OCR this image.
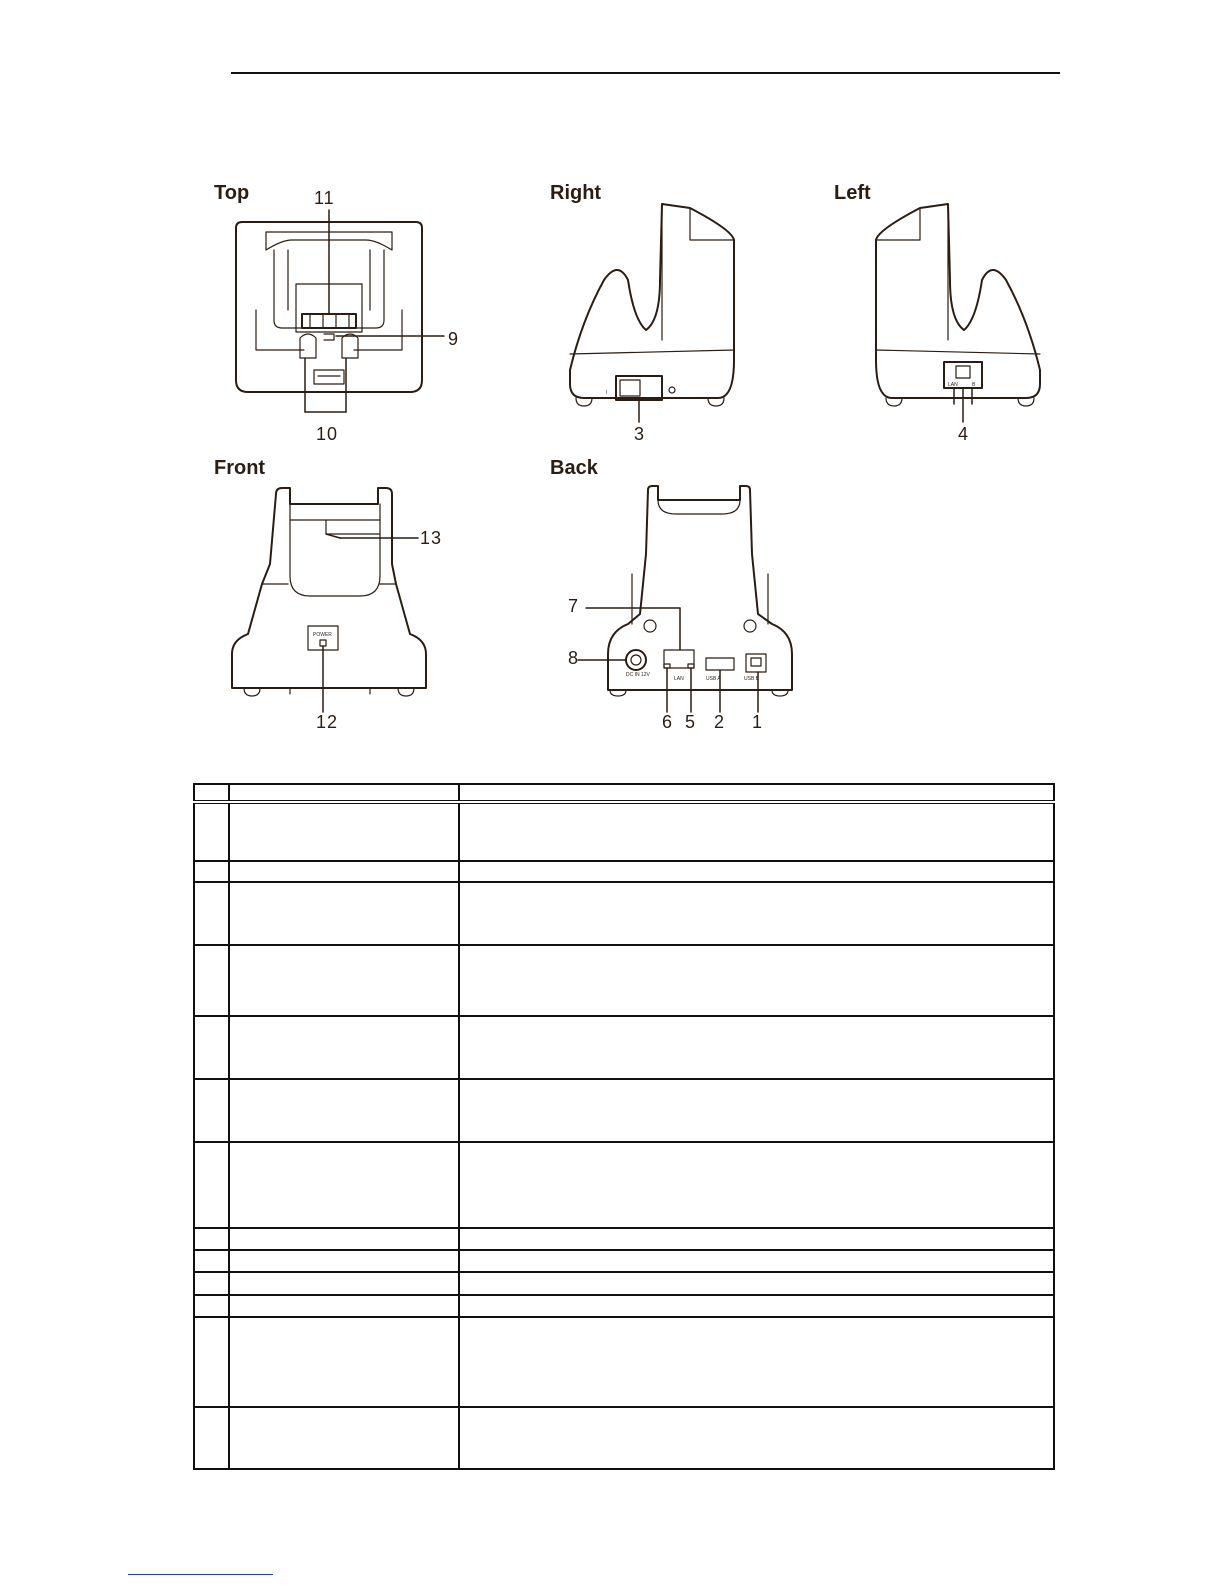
Top	11
9
10
Right
3
I
Left
4
LAN	B
Front
13
12
POWER
Back
7
8
6 5 2 1
DC IN 12V
LAN	USB A	USB B
